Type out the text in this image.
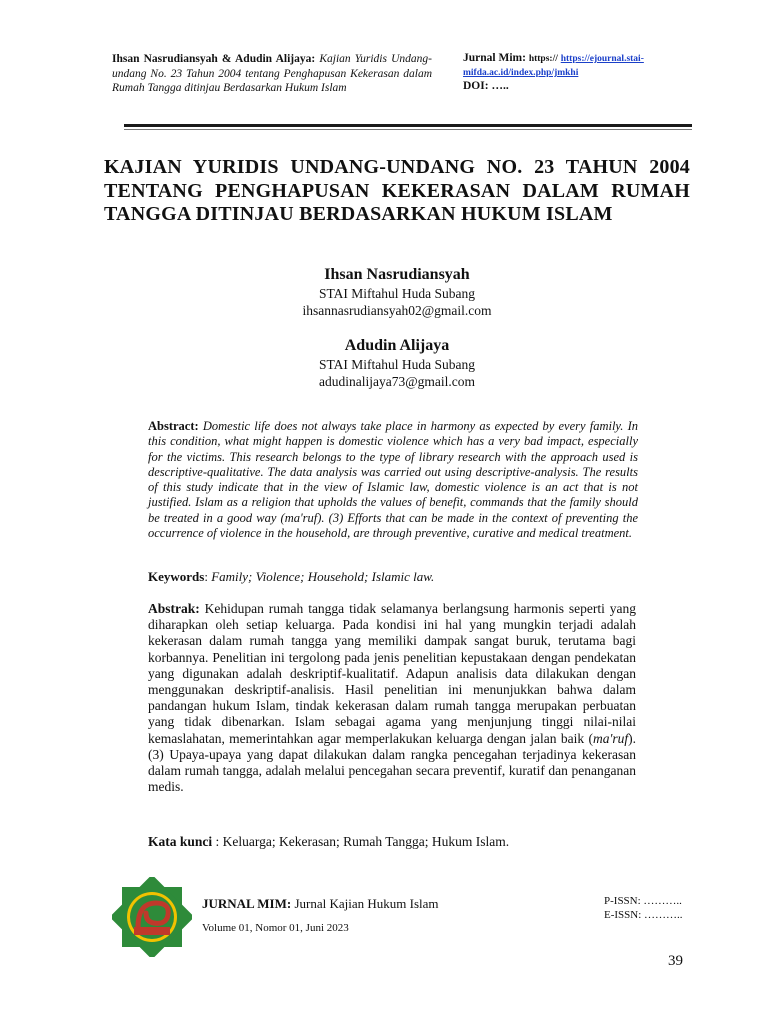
Ihsan Nasrudiansyah & Adudin Alijaya: Kajian Yuridis Undang-undang No. 23 Tahun 2004 tentang Penghapusan Kekerasan dalam Rumah Tangga ditinjau Berdasarkan Hukum Islam
Jurnal Mim: https:// https://ejournal.stai-mifda.ac.id/index.php/jmkhi
DOI: …..
KAJIAN YURIDIS UNDANG-UNDANG NO. 23 TAHUN 2004 TENTANG PENGHAPUSAN KEKERASAN DALAM RUMAH TANGGA DITINJAU BERDASARKAN HUKUM ISLAM
Ihsan Nasrudiansyah
STAI Miftahul Huda Subang
ihsannasrudiansyah02@gmail.com
Adudin Alijaya
STAI Miftahul Huda Subang
adudinalijaya73@gmail.com
Abstract: Domestic life does not always take place in harmony as expected by every family. In this condition, what might happen is domestic violence which has a very bad impact, especially for the victims. This research belongs to the type of library research with the approach used is descriptive-qualitative. The data analysis was carried out using descriptive-analysis. The results of this study indicate that in the view of Islamic law, domestic violence is an act that is not justified. Islam as a religion that upholds the values of benefit, commands that the family should be treated in a good way (ma'ruf). (3) Efforts that can be made in the context of preventing the occurrence of violence in the household, are through preventive, curative and medical treatment.
Keywords: Family; Violence; Household; Islamic law.
Abstrak: Kehidupan rumah tangga tidak selamanya berlangsung harmonis seperti yang diharapkan oleh setiap keluarga. Pada kondisi ini hal yang mungkin terjadi adalah kekerasan dalam rumah tangga yang memiliki dampak sangat buruk, terutama bagi korbannya. Penelitian ini tergolong pada jenis penelitian kepustakaan dengan pendekatan yang digunakan adalah deskriptif-kualitatif. Adapun analisis data dilakukan dengan menggunakan deskriptif-analisis. Hasil penelitian ini menunjukkan bahwa dalam pandangan hukum Islam, tindak kekerasan dalam rumah tangga merupakan perbuatan yang tidak dibenarkan. Islam sebagai agama yang menjunjung tinggi nilai-nilai kemaslahatan, memerintahkan agar memperlakukan keluarga dengan jalan baik (ma'ruf). (3) Upaya-upaya yang dapat dilakukan dalam rangka pencegahan terjadinya kekerasan dalam rumah tangga, adalah melalui pencegahan secara preventif, kuratif dan penanganan medis.
Kata kunci : Keluarga; Kekerasan; Rumah Tangga; Hukum Islam.
JURNAL MIM: Jurnal Kajian Hukum Islam
Volume 01, Nomor 01, Juni 2023
P-ISSN: ………..
E-ISSN: ………..
39
